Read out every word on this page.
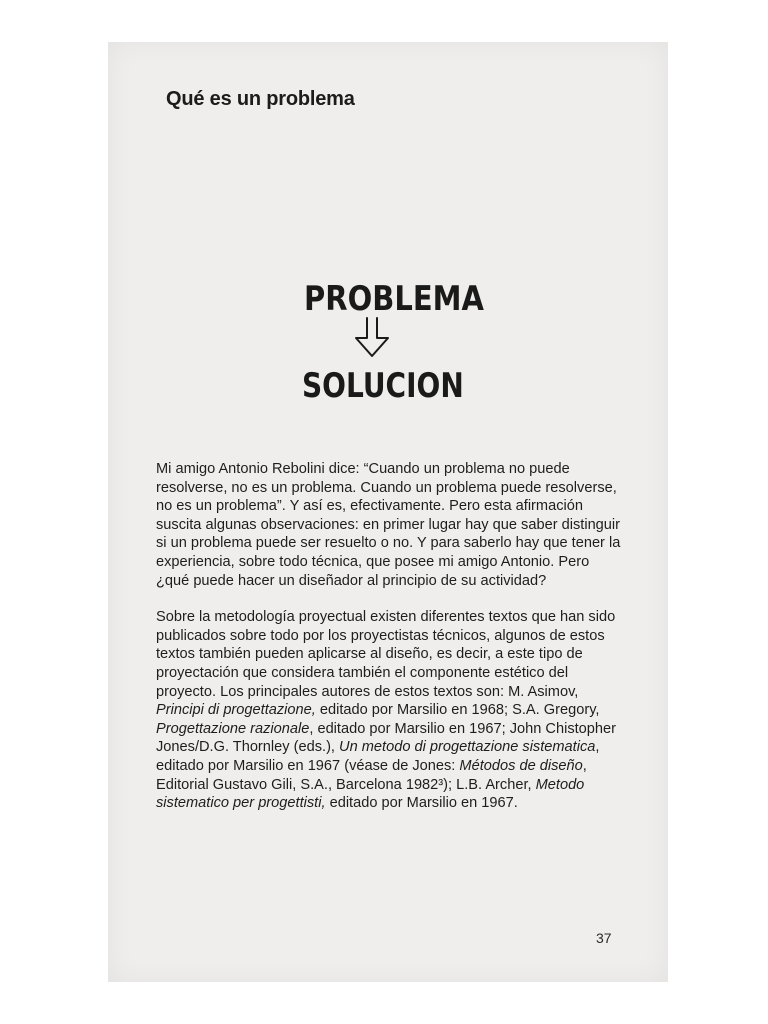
Qué es un problema
PROBLEMA
SOLUCION

Mi amigo Antonio Rebolini dice: “Cuando un problema no puede resolverse, no es un problema. Cuando un problema puede resolverse, no es un problema”. Y así es, efectivamente. Pero esta afirmación suscita algunas observaciones: en primer lugar hay que saber distinguir si un problema puede ser resuelto o no. Y para saberlo hay que tener la experiencia, sobre todo técnica, que posee mi amigo Antonio. Pero ¿qué puede hacer un diseñador al principio de su actividad?

Sobre la metodología proyectual existen diferentes textos que han sido publicados sobre todo por los proyectistas técnicos, algunos de estos textos también pueden aplicarse al diseño, es decir, a este tipo de proyectación que considera también el componente estético del proyecto. Los principales autores de estos textos son: M. Asimov, Principi di progettazione, editado por Marsilio en 1968; S.A. Gregory, Progettazione razionale, editado por Marsilio en 1967; John Chistopher Jones/D.G. Thornley (eds.), Un metodo di progettazione sistematica, editado por Marsilio en 1967 (véase de Jones: Métodos de diseño, Editorial Gustavo Gili, S.A., Barcelona 1982³); L.B. Archer, Metodo sistematico per progettisti, editado por Marsilio en 1967.

37
